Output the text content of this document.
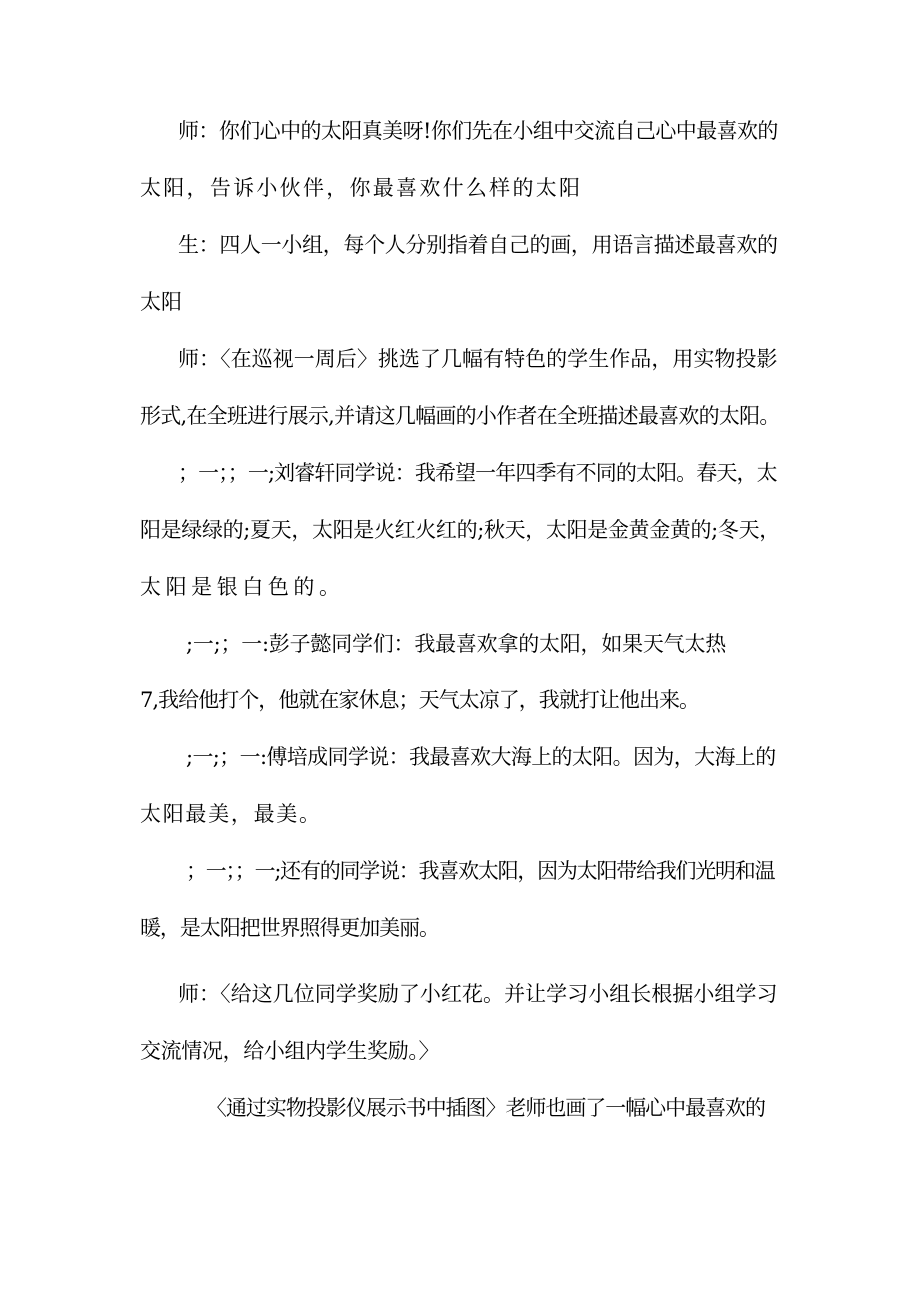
师：你们心中的太阳真美呀!你们先在小组中交流自己心中最喜欢的
太阳，告诉小伙伴，你最喜欢什么样的太阳
生：四人一小组，每个人分别指着自己的画，用语言描述最喜欢的
太阳
师：〈在巡视一周后〉挑选了几幅有特色的学生作品，用实物投影
形式,在全班进行展示,并请这几幅画的小作者在全班描述最喜欢的太阳。
；一；；一;刘睿轩同学说：我希望一年四季有不同的太阳。春天，太
阳是绿绿的;夏天，太阳是火红火红的;秋天，太阳是金黄金黄的;冬天，
太阳是银白色的。
;一;；一:彭子懿同学们：我最喜欢拿的太阳，如果天气太热
7,我给他打个，他就在家休息；天气太凉了，我就打让他出来。
;一;；一:傅培成同学说：我最喜欢大海上的太阳。因为，大海上的
太阳最美，最美。
；一；；一;还有的同学说：我喜欢太阳，因为太阳带给我们光明和温
暖，是太阳把世界照得更加美丽。
师：〈给这几位同学奖励了小红花。并让学习小组长根据小组学习
交流情况，给小组内学生奖励。〉
〈通过实物投影仪展示书中插图〉老师也画了一幅心中最喜欢的
